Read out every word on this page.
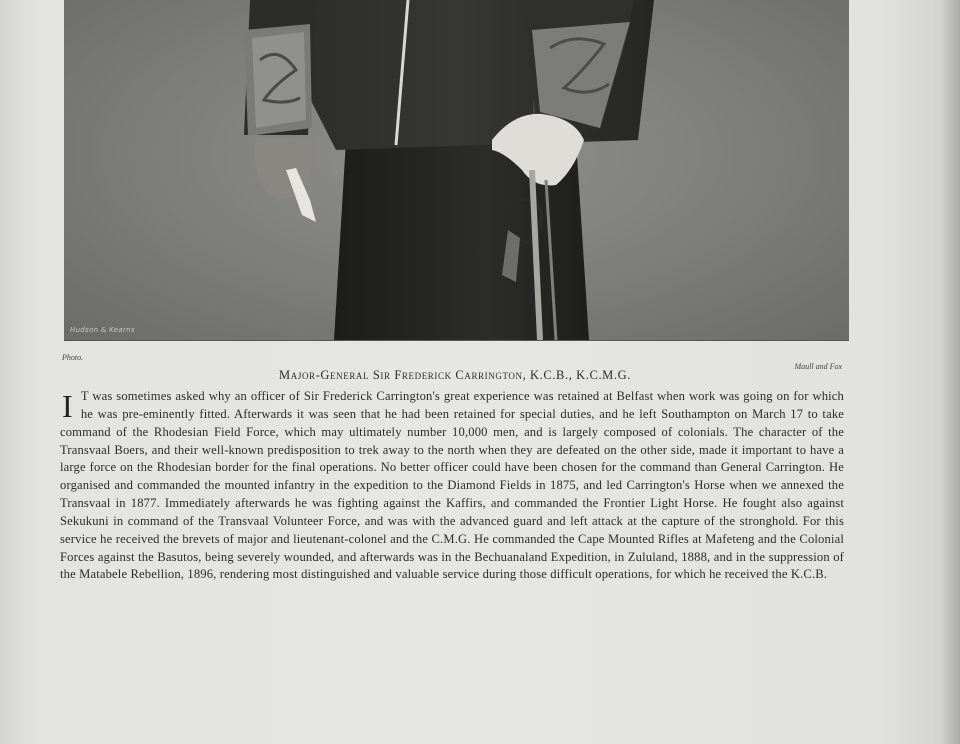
Hudson & Kearns
Photo.
Maull and Fox
Major-General Sir Frederick Carrington, K.C.B., K.C.M.G.
I T was sometimes asked why an officer of Sir Frederick Carrington's great experience was retained at Belfast when work was going on for which he was pre-eminently fitted. Afterwards it was seen that he had been retained for special duties, and he left Southampton on March 17 to take command of the Rhodesian Field Force, which may ultimately number 10,000 men, and is largely composed of colonials. The character of the Transvaal Boers, and their well-known predisposition to trek away to the north when they are defeated on the other side, made it important to have a large force on the Rhodesian border for the final operations. No better officer could have been chosen for the command than General Carrington. He organised and commanded the mounted infantry in the expedition to the Diamond Fields in 1875, and led Carrington's Horse when we annexed the Transvaal in 1877. Immediately afterwards he was fighting against the Kaffirs, and commanded the Frontier Light Horse. He fought also against Sekukuni in command of the Transvaal Volunteer Force, and was with the advanced guard and left attack at the capture of the stronghold. For this service he received the brevets of major and lieutenant-colonel and the C.M.G. He commanded the Cape Mounted Rifles at Mafeteng and the Colonial Forces against the Basutos, being severely wounded, and afterwards was in the Bechuanaland Expedition, in Zululand, 1888, and in the suppression of the Matabele Rebellion, 1896, rendering most distinguished and valuable service during those difficult operations, for which he received the K.C.B.
